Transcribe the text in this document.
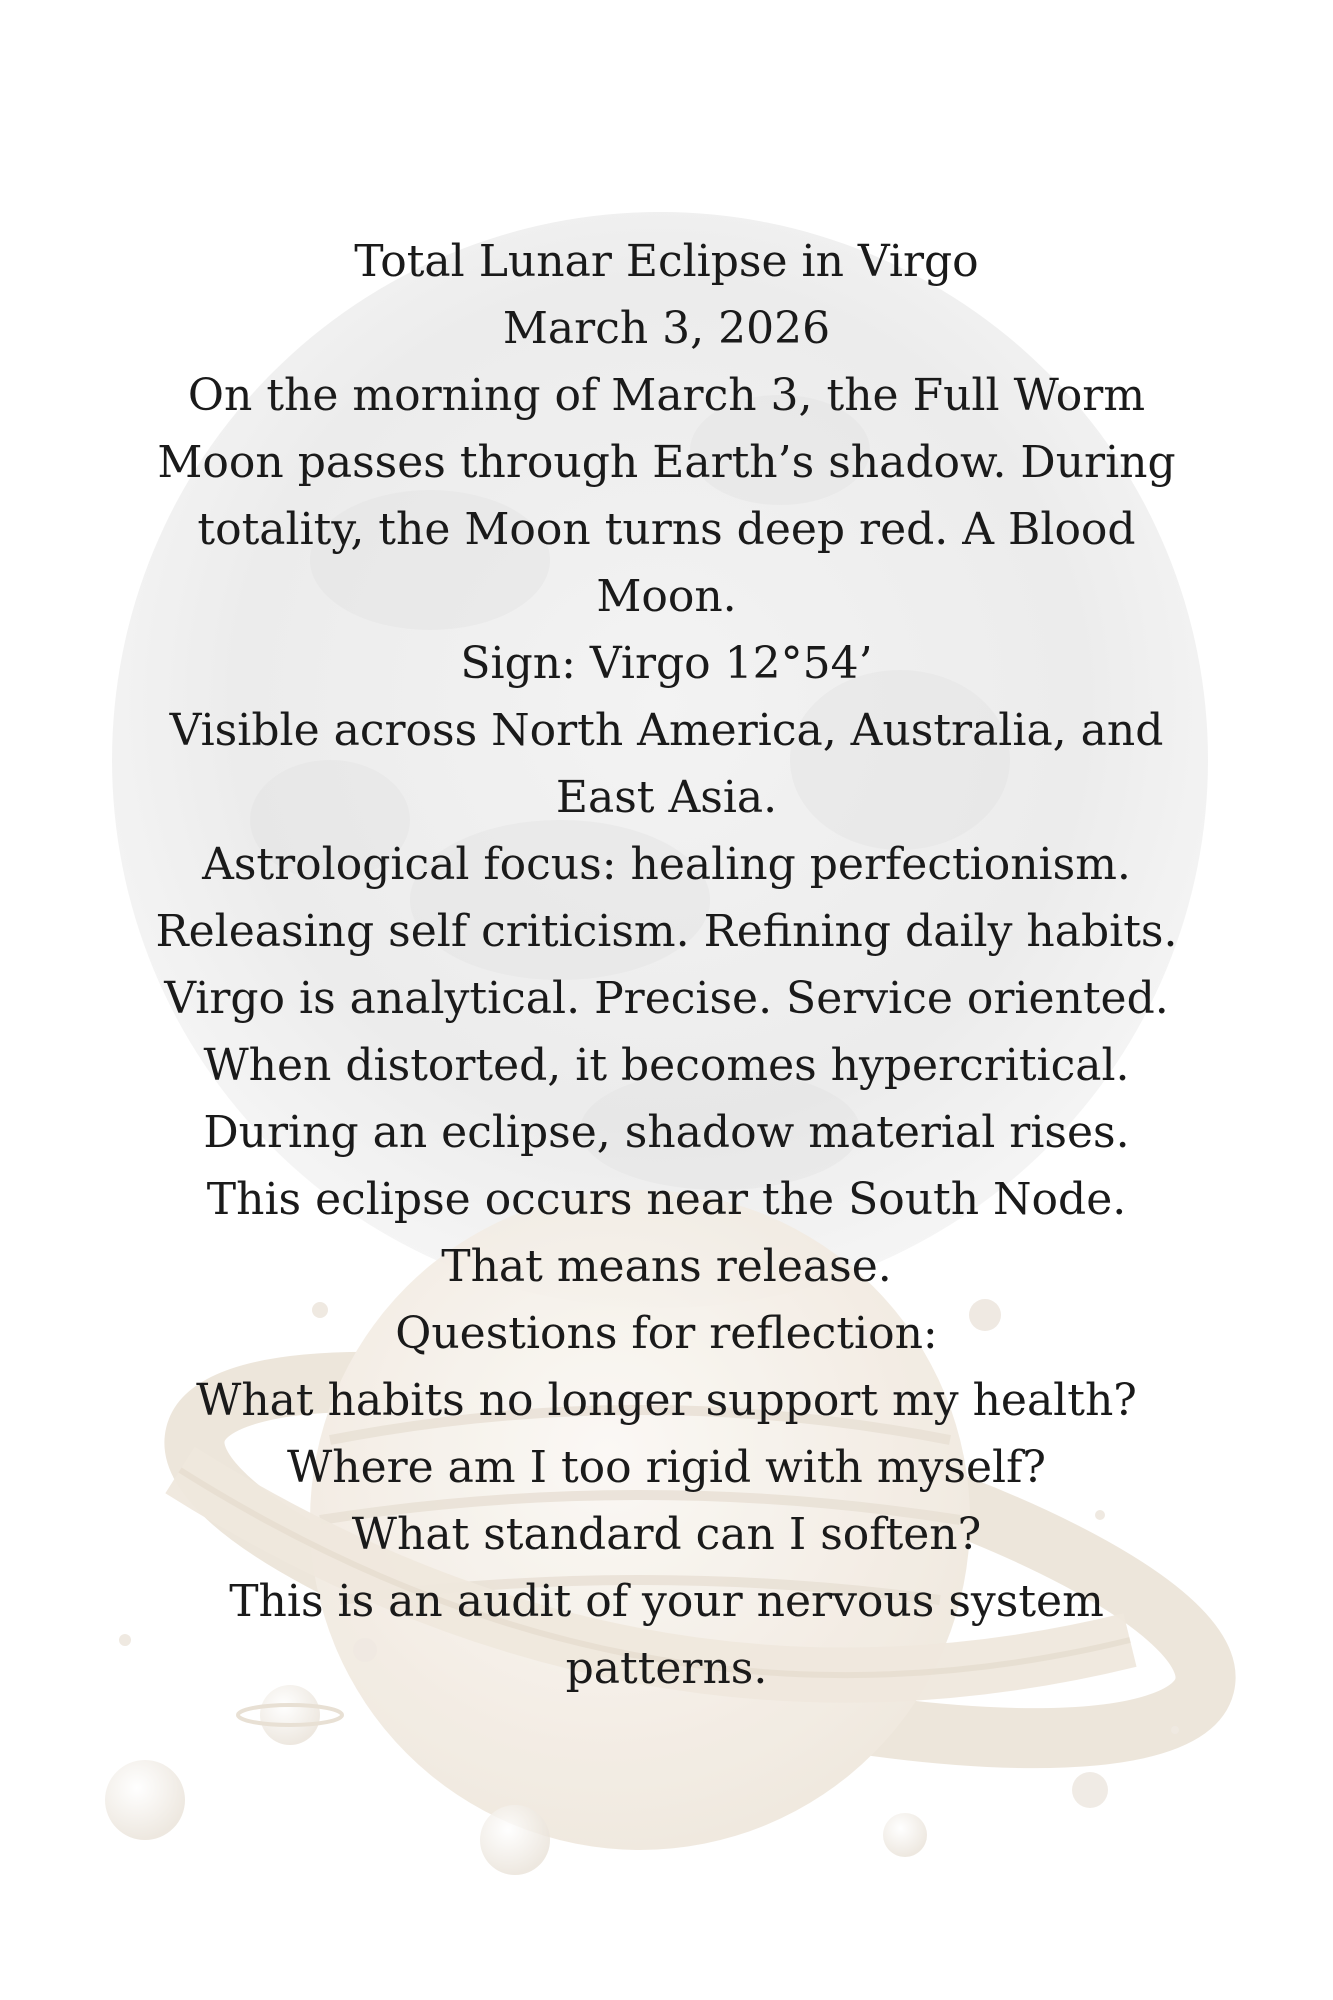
Total Lunar Eclipse in Virgo

March 3, 2026

On the morning of March 3, the Full Worm Moon passes through Earth’s shadow. During totality, the Moon turns deep red. A Blood Moon.

Sign: Virgo 12°54’

Visible across North America, Australia, and East Asia.

Astrological focus: healing perfectionism.

Releasing self criticism. Refining daily habits.

Virgo is analytical. Precise. Service oriented.

When distorted, it becomes hypercritical.

During an eclipse, shadow material rises.

This eclipse occurs near the South Node. That means release.

Questions for reflection:

What habits no longer support my health?

Where am I too rigid with myself?

What standard can I soften?

This is an audit of your nervous system patterns.
